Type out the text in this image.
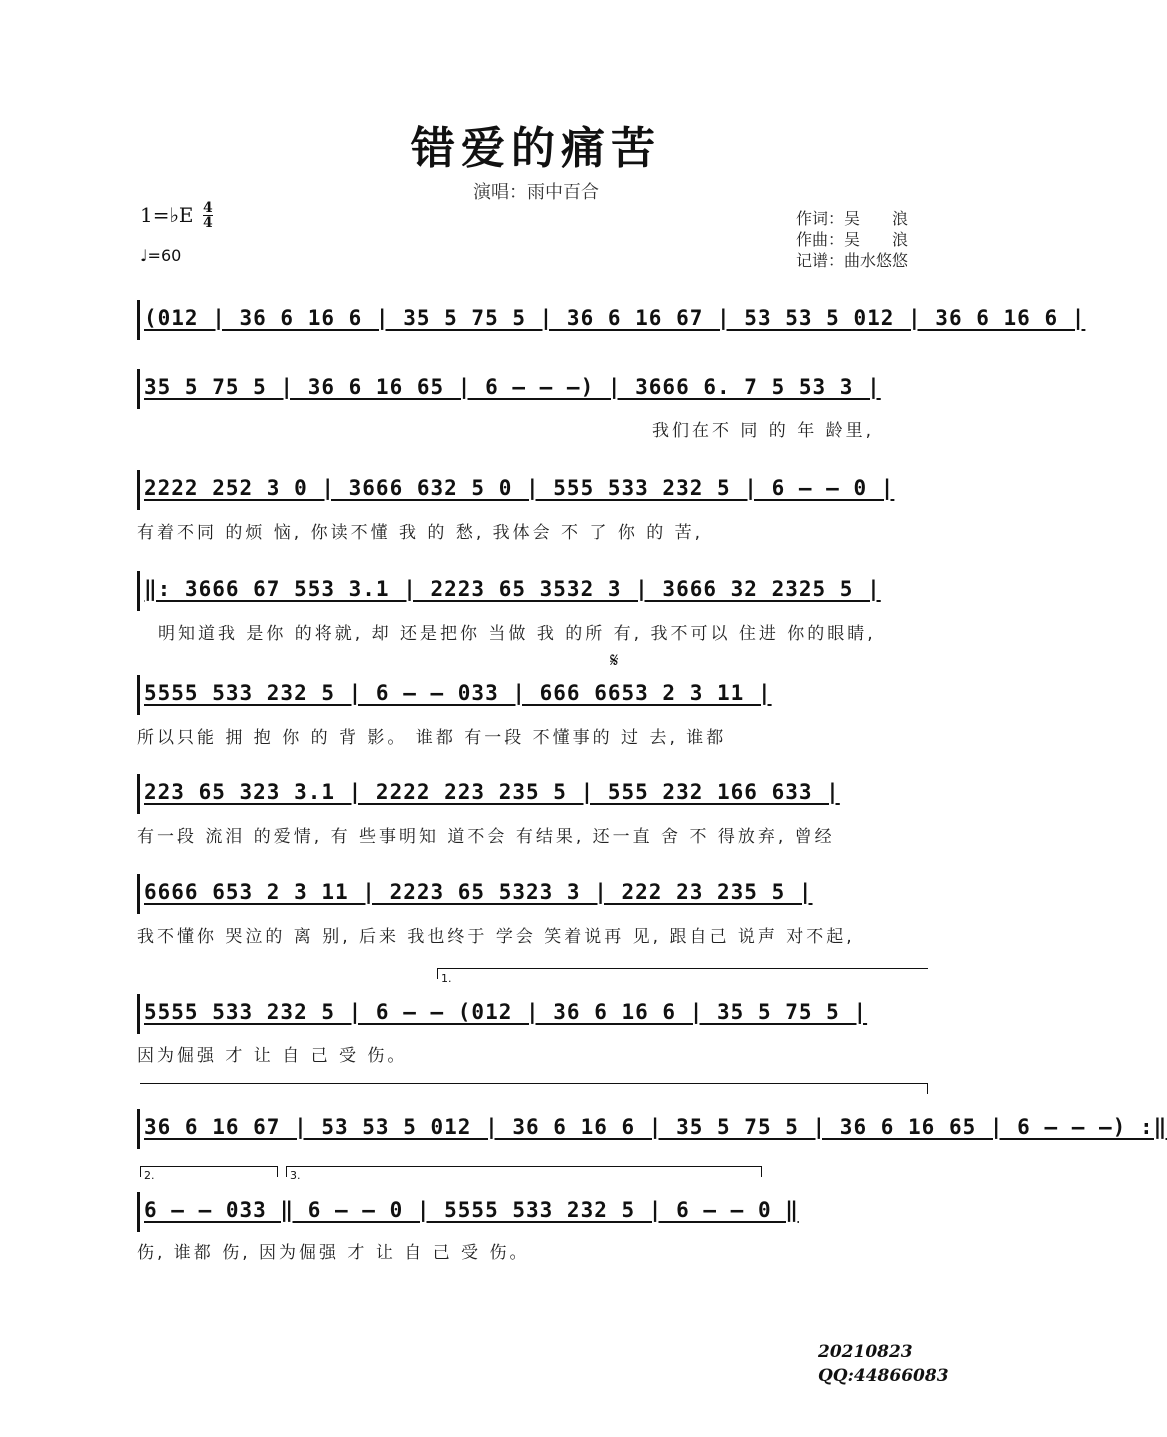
错爱的痛苦
演唱：雨中百合
1=♭E 4
4
♩=60
作词：吴　　浪
作曲：吴　　浪
记谱：曲水悠悠
(012 | 36 6 16 6 | 35 5 75 5 | 36 6 16 67 | 53 53 5 012 | 36 6 16 6 |
35 5 75 5 | 36 6 16 65 | 6 – – –) | 3666 6. 7 5 53 3 |
我们在不 同 的 年 龄里,
2222 252 3 0 | 3666 632 5 0 | 555 533 232 5 | 6 – – 0 |
有着不同 的烦 恼, 你读不懂 我 的 愁, 我体会 不 了 你 的 苦,
‖: 3666 67 553 3.1 | 2223 65 3532 3 | 3666 32 2325 5 |
明知道我 是你 的将就, 却 还是把你 当做 我 的所 有, 我不可以 住进 你的眼睛,
𝄋
5555 533 232 5 | 6 – – 033 | 666 6653 2 3 11 |
所以只能 拥 抱 你 的 背 影。 谁都 有一段 不懂事的 过 去, 谁都
223 65 323 3.1 | 2222 223 235 5 | 555 232 166 633 |
有一段 流泪 的爱情, 有 些事明知 道不会 有结果, 还一直 舍 不 得放弃, 曾经
6666 653 2 3 11 | 2223 65 5323 3 | 222 23 235 5 |
我不懂你 哭泣的 离 别, 后来 我也终于 学会 笑着说再 见, 跟自己 说声 对不起,
1.
5555 533 232 5 | 6 – – (012 | 36 6 16 6 | 35 5 75 5 |
因为倔强 才 让 自 己 受 伤。
36 6 16 67 | 53 53 5 012 | 36 6 16 6 | 35 5 75 5 | 36 6 16 65 | 6 – – –) :‖
2.	3.
6 – – 033 ‖ 6 – – 0 | 5555 533 232 5 | 6 – – 0 ‖
伤, 谁都 伤, 因为倔强 才 让 自 己 受 伤。
20210823
QQ:44866083
